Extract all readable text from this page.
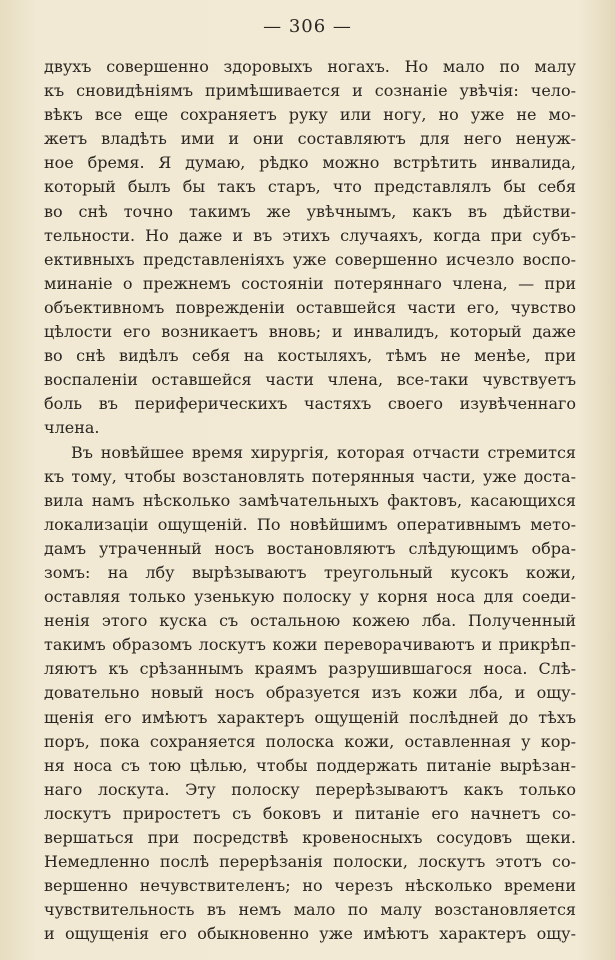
— 306 —
двухъ совершенно здоровыхъ ногахъ. Но мало по малу
къ сновидѣніямъ примѣшивается и сознаніе увѣчія: чело-
вѣкъ все еще сохраняетъ руку или ногу, но уже не мо-
жетъ владѣть ими и они составляютъ для него ненуж-
ное бремя. Я думаю, рѣдко можно встрѣтить инвалида,
который былъ бы такъ старъ, что представлялъ бы себя
во снѣ точно такимъ же увѣчнымъ, какъ въ дѣйстви-
тельности. Но даже и въ этихъ случаяхъ, когда при субъ-
ективныхъ представленіяхъ уже совершенно исчезло воспо-
минаніе о прежнемъ состояніи потеряннаго члена, — при
объективномъ поврежденіи оставшейся части его, чувство
цѣлости его возникаетъ вновь; и инвалидъ, который даже
во снѣ видѣлъ себя на костыляхъ, тѣмъ не менѣе, при
воспаленіи оставшейся части члена, все-таки чувствуетъ
боль въ периферическихъ частяхъ своего изувѣченнаго
члена.
Въ новѣйшее время хирургія, которая отчасти стремится
къ тому, чтобы возстановлять потерянныя части, уже доста-
вила намъ нѣсколько замѣчательныхъ фактовъ, касающихся
локализаціи ощущеній. По новѣйшимъ оперативнымъ мето-
дамъ утраченный носъ востановляютъ слѣдующимъ обра-
зомъ: на лбу вырѣзываютъ треугольный кусокъ кожи,
оставляя только узенькую полоску у корня носа для соеди-
ненія этого куска съ остальною кожею лба. Полученный
такимъ образомъ лоскутъ кожи переворачиваютъ и прикрѣп-
ляютъ къ срѣзаннымъ краямъ разрушившагося носа. Слѣ-
довательно новый носъ образуется изъ кожи лба, и ощу-
щенія его имѣютъ характеръ ощущеній послѣдней до тѣхъ
поръ, пока сохраняется полоска кожи, оставленная у кор-
ня носа съ тою цѣлью, чтобы поддержать питаніе вырѣзан-
наго лоскута. Эту полоску перерѣзываютъ какъ только
лоскутъ приростетъ съ боковъ и питаніе его начнетъ со-
вершаться при посредствѣ кровеносныхъ сосудовъ щеки.
Немедленно послѣ перерѣзанія полоски, лоскутъ этотъ со-
вершенно нечувствителенъ; но черезъ нѣсколько времени
чувствительность въ немъ мало по малу возстановляется
и ощущенія его обыкновенно уже имѣютъ характеръ ощу-
